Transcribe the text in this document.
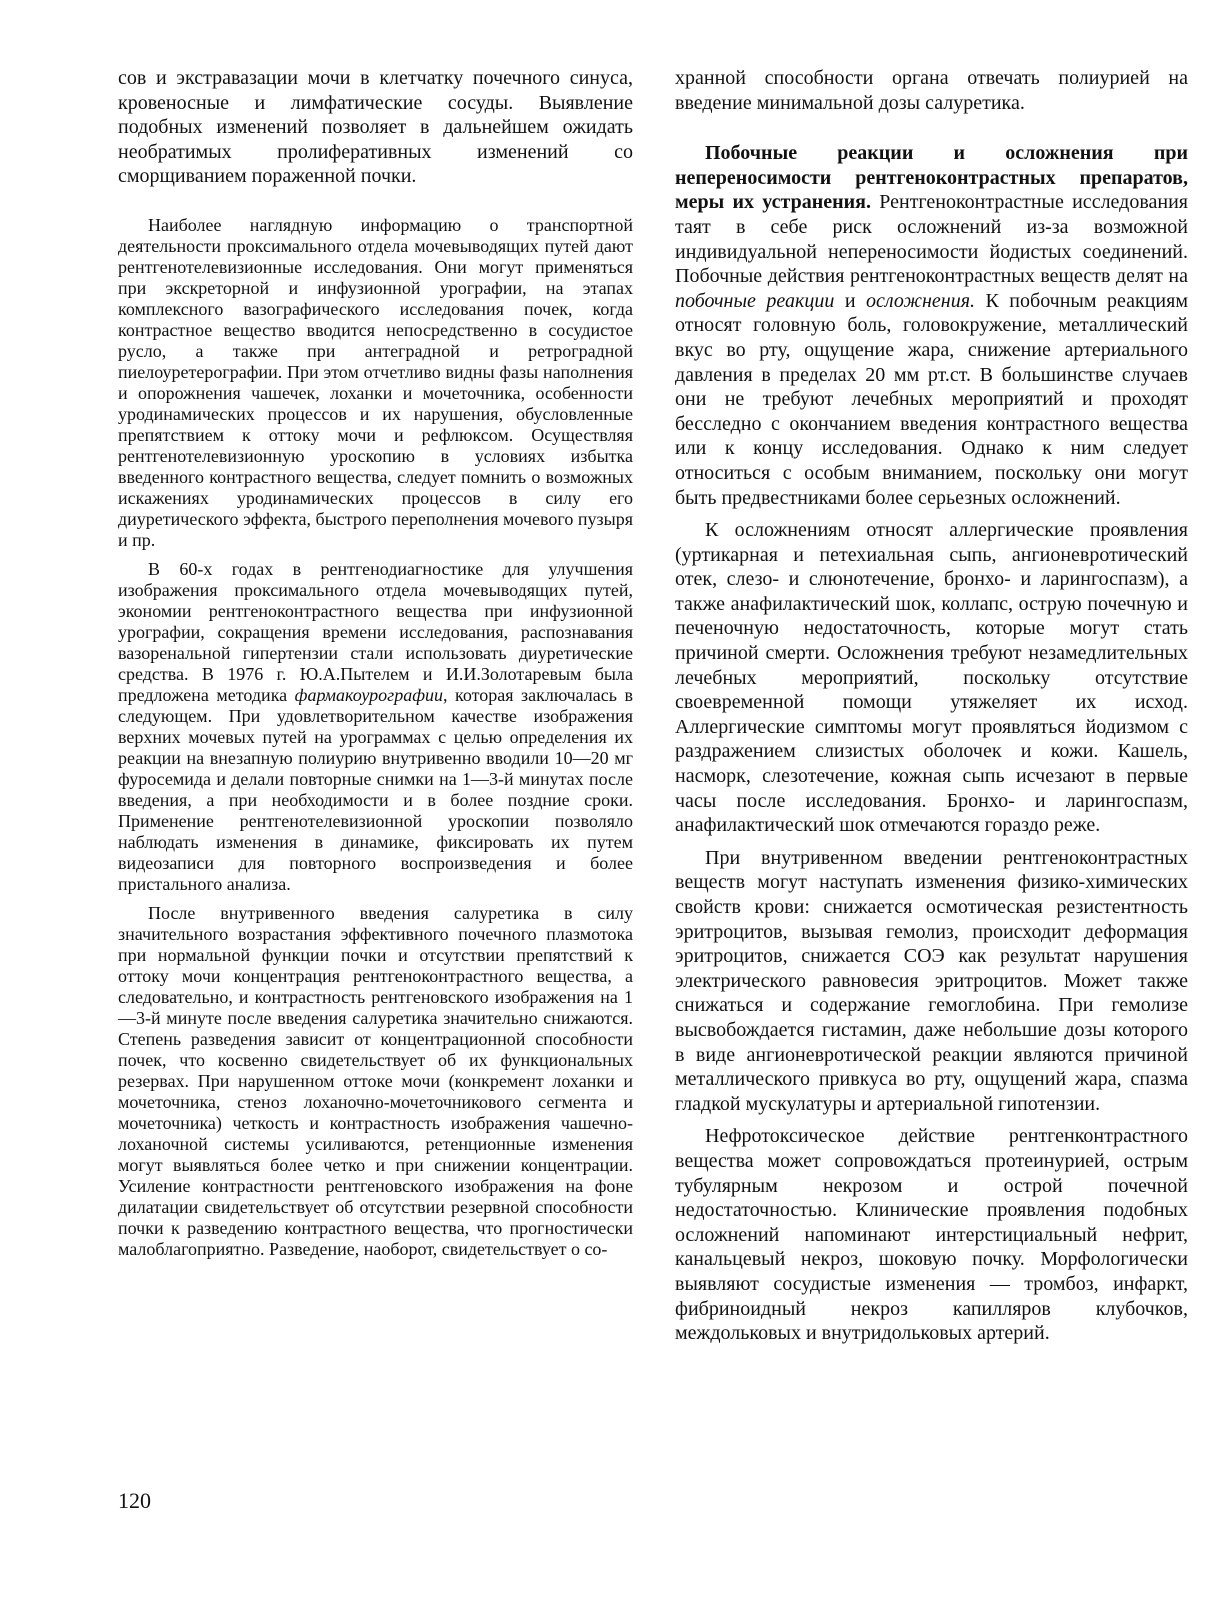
сов и экстравазации мочи в клетчатку почечного синуса, кровеносные и лимфатические сосуды. Выявление подобных изменений позволяет в дальнейшем ожидать необратимых пролиферативных изменений со сморщиванием пораженной почки.

Наиболее наглядную информацию о транспортной деятельности проксимального отдела мочевыводящих путей дают рентгенотелевизионные исследования. Они могут применяться при экскреторной и инфузионной урографии, на этапах комплексного вазографического исследования почек, когда контрастное вещество вводится непосредственно в сосудистое русло, а также при антеградной и ретроградной пиелоуретерографии. При этом отчетливо видны фазы наполнения и опорожнения чашечек, лоханки и мочеточника, особенности уродинамических процессов и их нарушения, обусловленные препятствием к оттоку мочи и рефлюксом. Осуществляя рентгенотелевизионную уроскопию в условиях избытка введенного контрастного вещества, следует помнить о возможных искажениях уродинамических процессов в силу его диуретического эффекта, быстрого переполнения мочевого пузыря и пр.

В 60-х годах в рентгенодиагностике для улучшения изображения проксимального отдела мочевыводящих путей, экономии рентгеноконтрастного вещества при инфузионной урографии, сокращения времени исследования, распознавания вазоренальной гипертензии стали использовать диуретические средства. В 1976 г. Ю.А.Пытелем и И.И.Золотаревым была предложена методика фармакоурографии, которая заключалась в следующем. При удовлетворительном качестве изображения верхних мочевых путей на урограммах с целью определения их реакции на внезапную полиурию внутривенно вводили 10—20 мг фуросемида и делали повторные снимки на 1—3-й минутах после введения, а при необходимости и в более поздние сроки. Применение рентгенотелевизионной уроскопии позволяло наблюдать изменения в динамике, фиксировать их путем видеозаписи для повторного воспроизведения и более пристального анализа.

После внутривенного введения салуретика в силу значительного возрастания эффективного почечного плазмотока при нормальной функции почки и отсутствии препятствий к оттоку мочи концентрация рентгеноконтрастного вещества, а следовательно, и контрастность рентгеновского изображения на 1—3-й минуте после введения салуретика значительно снижаются. Степень разведения зависит от концентрационной способности почек, что косвенно свидетельствует об их функциональных резервах. При нарушенном оттоке мочи (конкремент лоханки и мочеточника, стеноз лоханочно-мочеточникового сегмента и мочеточника) четкость и контрастность изображения чашечно-лоханочной системы усиливаются, ретенционные изменения могут выявляться более четко и при снижении концентрации. Усиление контрастности рентгеновского изображения на фоне дилатации свидетельствует об отсутствии резервной способности почки к разведению контрастного вещества, что прогностически малоблагоприятно. Разведение, наоборот, свидетельствует о со-

хранной способности органа отвечать полиурией на введение минимальной дозы салуретика.

Побочные реакции и осложнения при непереносимости рентгеноконтрастных препаратов, меры их устранения. Рентгеноконтрастные исследования таят в себе риск осложнений из-за возможной индивидуальной непереносимости йодистых соединений. Побочные действия рентгеноконтрастных веществ делят на побочные реакции и осложнения. К побочным реакциям относят головную боль, головокружение, металлический вкус во рту, ощущение жара, снижение артериального давления в пределах 20 мм рт.ст. В большинстве случаев они не требуют лечебных мероприятий и проходят бесследно с окончанием введения контрастного вещества или к концу исследования. Однако к ним следует относиться с особым вниманием, поскольку они могут быть предвестниками более серьезных осложнений.

К осложнениям относят аллергические проявления (уртикарная и петехиальная сыпь, ангионевротический отек, слезо- и слюнотечение, бронхо- и ларингоспазм), а также анафилактический шок, коллапс, острую почечную и печеночную недостаточность, которые могут стать причиной смерти. Осложнения требуют незамедлительных лечебных мероприятий, поскольку отсутствие своевременной помощи утяжеляет их исход. Аллергические симптомы могут проявляться йодизмом с раздражением слизистых оболочек и кожи. Кашель, насморк, слезотечение, кожная сыпь исчезают в первые часы после исследования. Бронхо- и ларингоспазм, анафилактический шок отмечаются гораздо реже.

При внутривенном введении рентгеноконтрастных веществ могут наступать изменения физико-химических свойств крови: снижается осмотическая резистентность эритроцитов, вызывая гемолиз, происходит деформация эритроцитов, снижается СОЭ как результат нарушения электрического равновесия эритроцитов. Может также снижаться и содержание гемоглобина. При гемолизе высвобождается гистамин, даже небольшие дозы которого в виде ангионевротической реакции являются причиной металлического привкуса во рту, ощущений жара, спазма гладкой мускулатуры и артериальной гипотензии.

Нефротоксическое действие рентгенконтрастного вещества может сопровождаться протеинурией, острым тубулярным некрозом и острой почечной недостаточностью. Клинические проявления подобных осложнений напоминают интерстициальный нефрит, канальцевый некроз, шоковую почку. Морфологически выявляют сосудистые изменения — тромбоз, инфаркт, фибриноидный некроз капилляров клубочков, междольковых и внутридольковых артерий.

120
